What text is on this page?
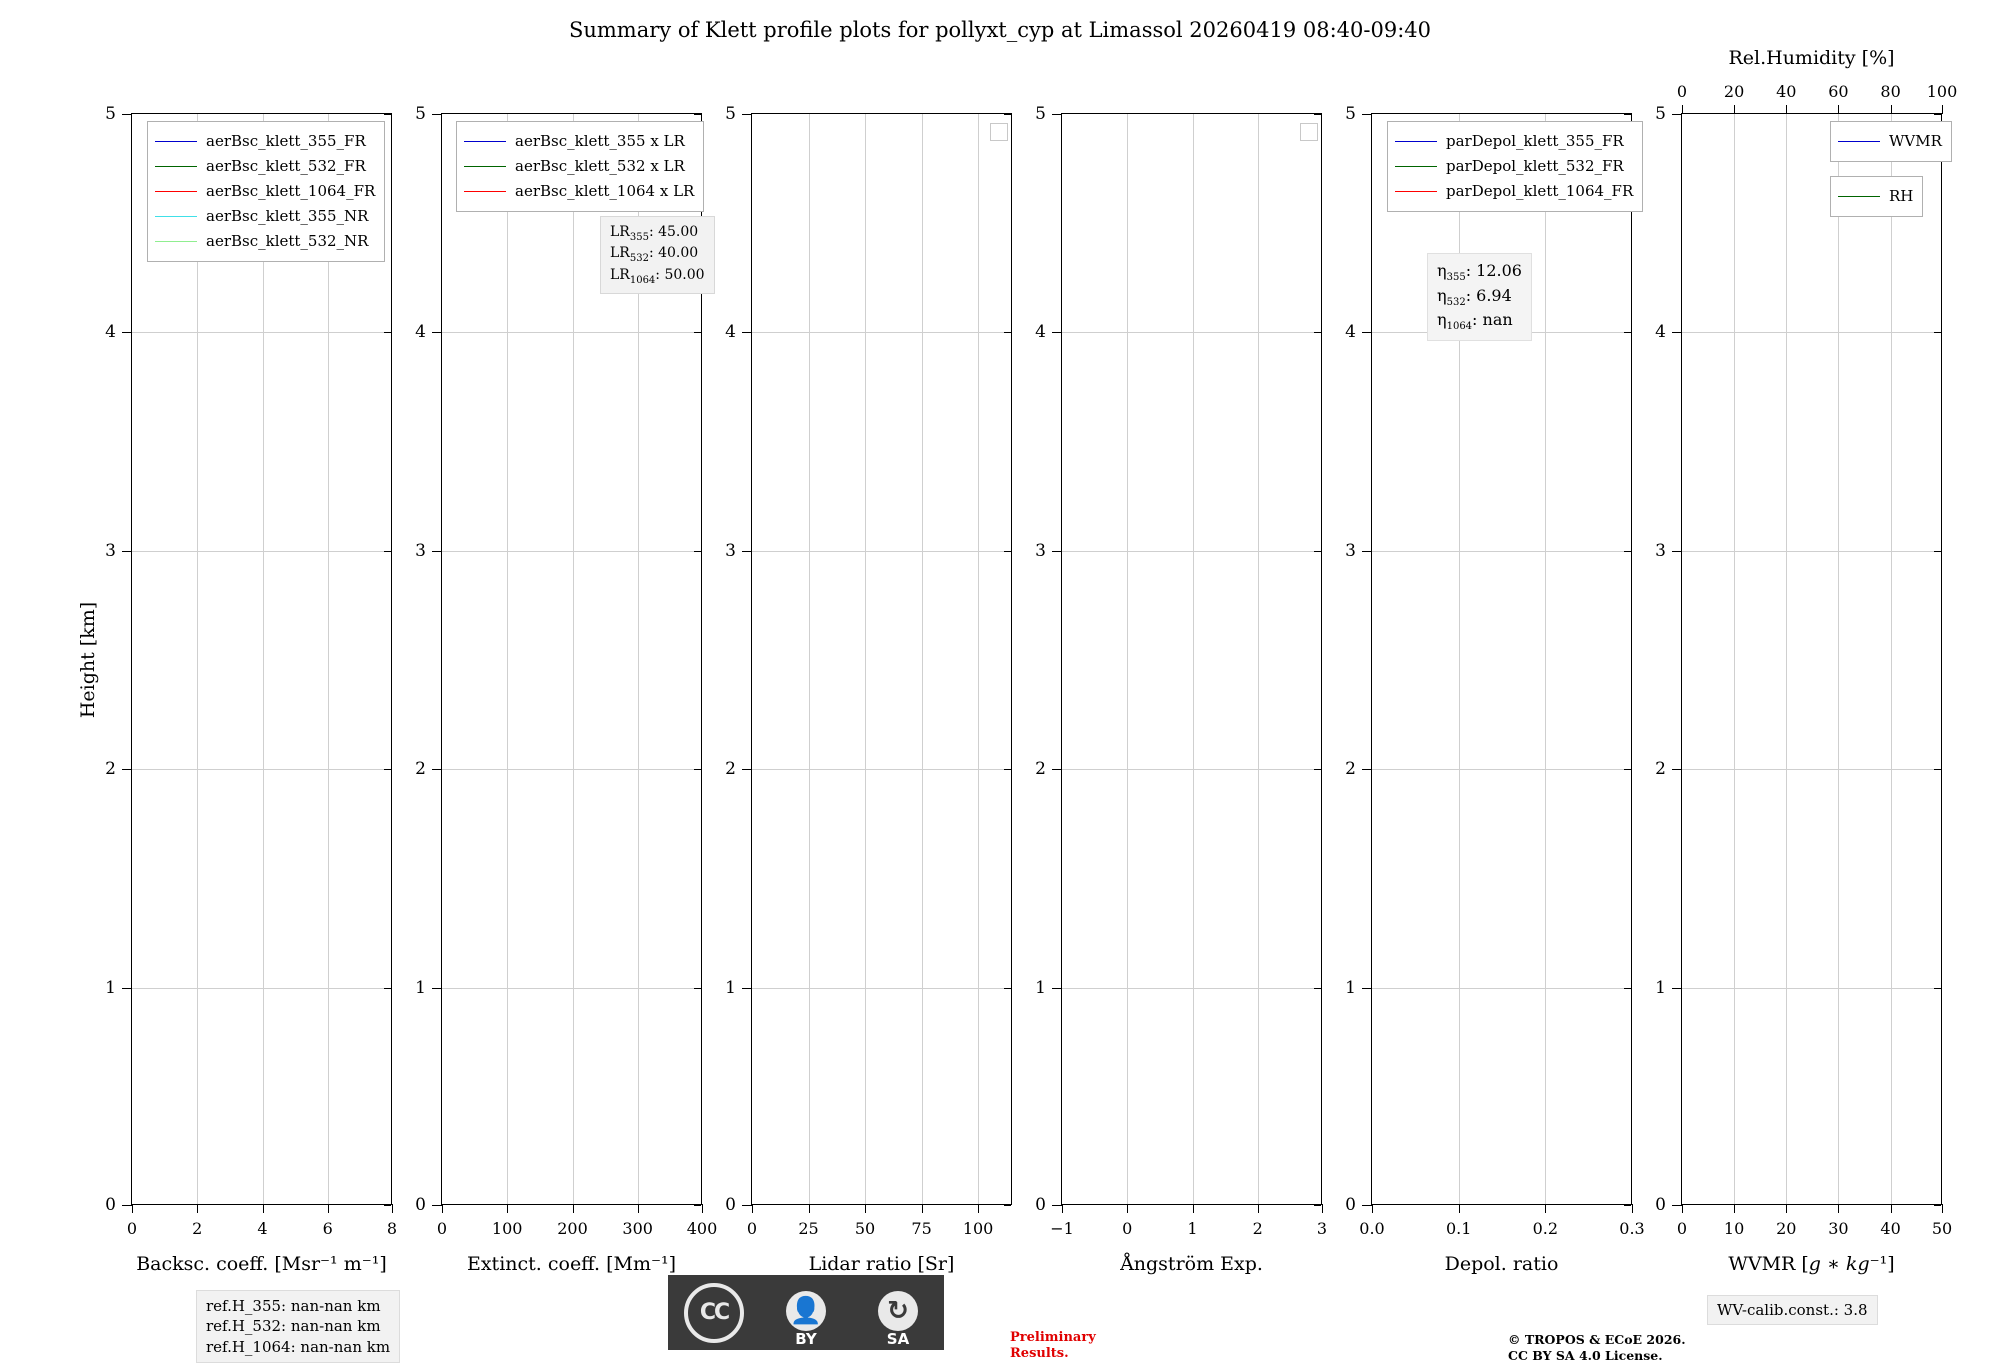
Summary of Klett profile plots for pollyxt_cyp at Limassol 20260419 08:40-09:40
Height [km]
5
4
3
2
1
0
0	2	4	6	8
Backsc. coeff. [Msr⁻¹ m⁻¹]
aerBsc_klett_355_FR
aerBsc_klett_532_FR
aerBsc_klett_1064_FR
aerBsc_klett_355_NR
aerBsc_klett_532_NR
5
4
3
2
1
0
0	100 200 300 400
Extinct. coeff. [Mm⁻¹]
aerBsc_klett_355 x LR
aerBsc_klett_532 x LR
aerBsc_klett_1064 x LR
$LR_{355}$: 45.00
$LR_{532}$: 40.00
$LR_{1064}$: 50.00
5
4
3
2
1
0
0	25 50 75 100
Lidar ratio [Sr]
5
4
3
2
1
0
−1	0	1	2	3
Ångström Exp.
5
4
3
2
1
0
0.0	0.1	0.2	0.3
Depol. ratio
parDepol_klett_355_FR
parDepol_klett_532_FR
parDepol_klett_1064_FR
$\eta_{355}$: 12.06
$\eta_{532}$: 6.94
$\eta_{1064}$: nan
5
4
3
2
1
0
0 10 20 30 40 50
0 20 40 60 80 100
WVMR [𝑔 ∗ 𝑘𝑔⁻¹]
Rel.Humidity [%]
WVMR
RH
ref.H_355: nan-nan km
ref.H_532: nan-nan km
ref.H_1064: nan-nan km
WV-calib.const.: 3.8
CC	👤
BY
↻
SA	Preliminary
Results.
© TROPOS & ECoE 2026.
CC BY SA 4.0 License.
